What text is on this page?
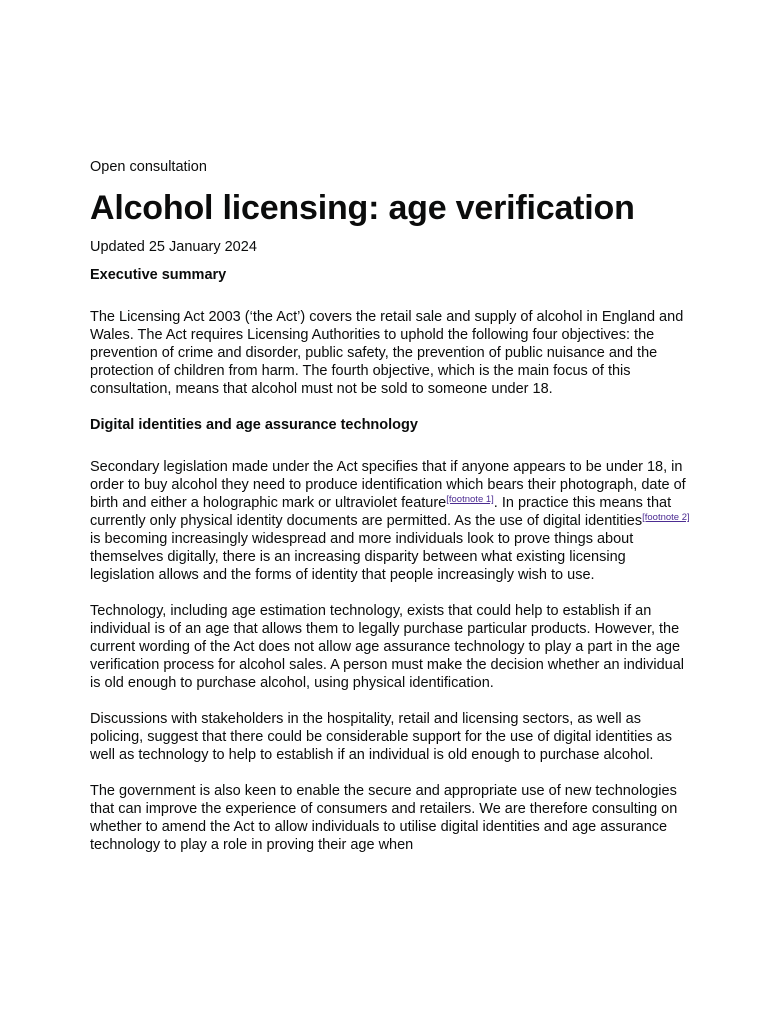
Open consultation

Alcohol licensing: age verification

Updated 25 January 2024

Executive summary

The Licensing Act 2003 (‘the Act’) covers the retail sale and supply of alcohol in England and Wales. The Act requires Licensing Authorities to uphold the following four objectives: the prevention of crime and disorder, public safety, the prevention of public nuisance and the protection of children from harm. The fourth objective, which is the main focus of this consultation, means that alcohol must not be sold to someone under 18.

Digital identities and age assurance technology

Secondary legislation made under the Act specifies that if anyone appears to be under 18, in order to buy alcohol they need to produce identification which bears their photograph, date of birth and either a holographic mark or ultraviolet feature[footnote 1]. In practice this means that currently only physical identity documents are permitted. As the use of digital identities[footnote 2] is becoming increasingly widespread and more individuals look to prove things about themselves digitally, there is an increasing disparity between what existing licensing legislation allows and the forms of identity that people increasingly wish to use.

Technology, including age estimation technology, exists that could help to establish if an individual is of an age that allows them to legally purchase particular products. However, the current wording of the Act does not allow age assurance technology to play a part in the age verification process for alcohol sales. A person must make the decision whether an individual is old enough to purchase alcohol, using physical identification.

Discussions with stakeholders in the hospitality, retail and licensing sectors, as well as policing, suggest that there could be considerable support for the use of digital identities as well as technology to help to establish if an individual is old enough to purchase alcohol.

The government is also keen to enable the secure and appropriate use of new technologies that can improve the experience of consumers and retailers. We are therefore consulting on whether to amend the Act to allow individuals to utilise digital identities and age assurance technology to play a role in proving their age when
